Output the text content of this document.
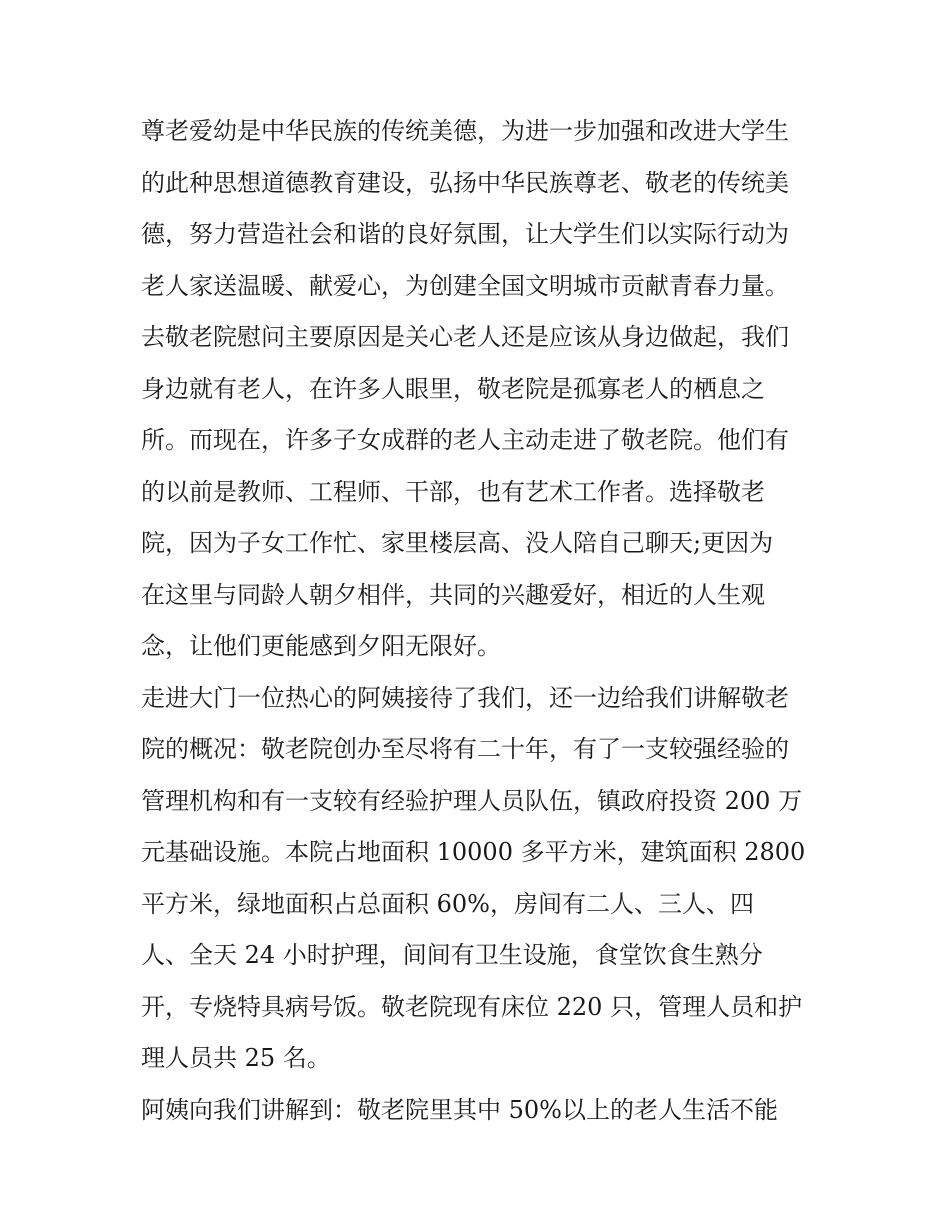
尊老爱幼是中华民族的传统美德，为进一步加强和改进大学生
的此种思想道德教育建设，弘扬中华民族尊老、敬老的传统美
德，努力营造社会和谐的良好氛围，让大学生们以实际行动为
老人家送温暖、献爱心，为创建全国文明城市贡献青春力量。
去敬老院慰问主要原因是关心老人还是应该从身边做起，我们
身边就有老人，在许多人眼里，敬老院是孤寡老人的栖息之
所。而现在，许多子女成群的老人主动走进了敬老院。他们有
的以前是教师、工程师、干部，也有艺术工作者。选择敬老
院，因为子女工作忙、家里楼层高、没人陪自己聊天;更因为
在这里与同龄人朝夕相伴，共同的兴趣爱好，相近的人生观
念，让他们更能感到夕阳无限好。
走进大门一位热心的阿姨接待了我们，还一边给我们讲解敬老
院的概况：敬老院创办至尽将有二十年，有了一支较强经验的
管理机构和有一支较有经验护理人员队伍，镇政府投资 200 万
元基础设施。本院占地面积 10000 多平方米，建筑面积 2800
平方米，绿地面积占总面积 60%，房间有二人、三人、四
人、全天 24 小时护理，间间有卫生设施，食堂饮食生熟分
开，专烧特具病号饭。敬老院现有床位 220 只，管理人员和护
理人员共 25 名。
阿姨向我们讲解到：敬老院里其中 50%以上的老人生活不能
